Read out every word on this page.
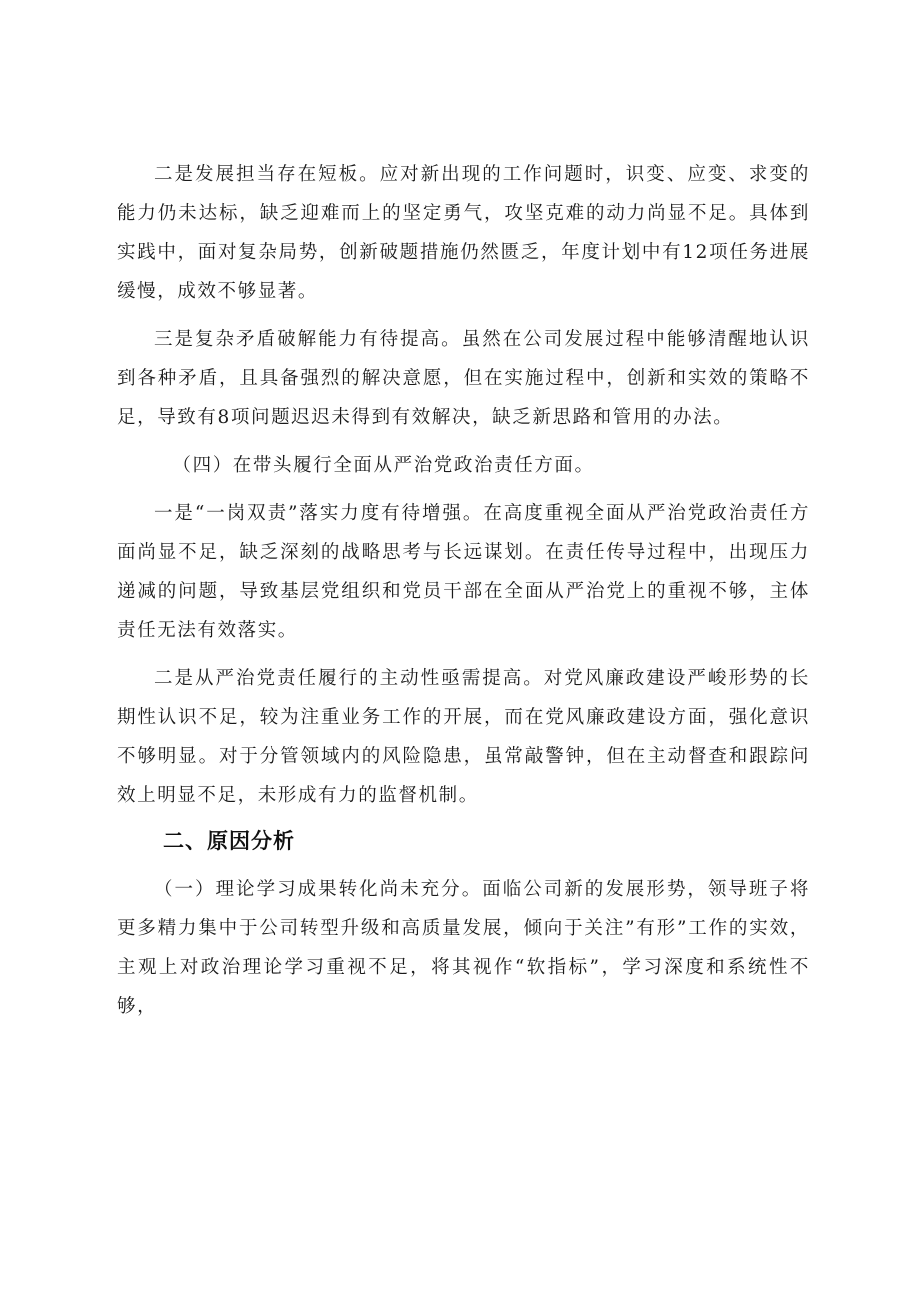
二是发展担当存在短板。应对新出现的工作问题时，识变、应变、求变的能力仍未达标，缺乏迎难而上的坚定勇气，攻坚克难的动力尚显不足。具体到实践中，面对复杂局势，创新破题措施仍然匮乏，年度计划中有12项任务进展缓慢，成效不够显著。

三是复杂矛盾破解能力有待提高。虽然在公司发展过程中能够清醒地认识到各种矛盾，且具备强烈的解决意愿，但在实施过程中，创新和实效的策略不足，导致有8项问题迟迟未得到有效解决，缺乏新思路和管用的办法。

（四）在带头履行全面从严治党政治责任方面。

一是“一岗双责”落实力度有待增强。在高度重视全面从严治党政治责任方面尚显不足，缺乏深刻的战略思考与长远谋划。在责任传导过程中，出现压力递减的问题，导致基层党组织和党员干部在全面从严治党上的重视不够，主体责任无法有效落实。

二是从严治党责任履行的主动性亟需提高。对党风廉政建设严峻形势的长期性认识不足，较为注重业务工作的开展，而在党风廉政建设方面，强化意识不够明显。对于分管领域内的风险隐患，虽常敲警钟，但在主动督查和跟踪问效上明显不足，未形成有力的监督机制。

二、原因分析

（一）理论学习成果转化尚未充分。面临公司新的发展形势，领导班子将更多精力集中于公司转型升级和高质量发展，倾向于关注”有形”工作的实效，主观上对政治理论学习重视不足，将其视作“软指标”，学习深度和系统性不够，
